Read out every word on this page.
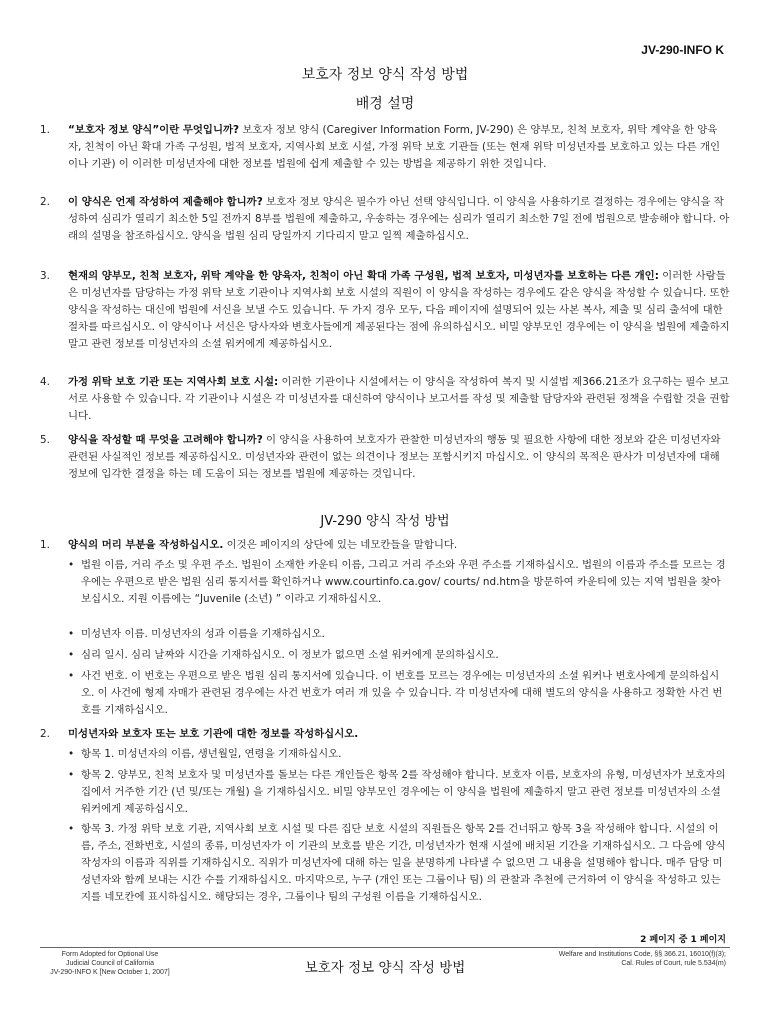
JV-290-INFO K
보호자 정보 양식 작성 방법
배경 설명
1.	“보호자 정보 양식”이란 무엇입니까? 보호자 정보 양식 (Caregiver Information Form, JV-290) 은 양부모, 친척 보호자, 위탁 계약을 한 양육자, 친척이 아닌 확대 가족 구성원, 법적 보호자, 지역사회 보호 시설, 가정 위탁 보호 기관들 (또는 현재 위탁 미성년자를 보호하고 있는 다른 개인이나 기관) 이 이러한 미성년자에 대한 정보를 법원에 쉽게 제출할 수 있는 방법을 제공하기 위한 것입니다.
2.	이 양식은 언제 작성하여 제출해야 합니까? 보호자 정보 양식은 필수가 아닌 선택 양식입니다. 이 양식을 사용하기로 결정하는 경우에는 양식을 작성하여 심리가 열리기 최소한 5일 전까지 8부를 법원에 제출하고, 우송하는 경우에는 심리가 열리기 최소한 7일 전에 법원으로 발송해야 합니다. 아래의 설명을 참조하십시오. 양식을 법원 심리 당일까지 기다리지 말고 일찍 제출하십시오.
3.	현재의 양부모, 친척 보호자, 위탁 계약을 한 양육자, 친척이 아닌 확대 가족 구성원, 법적 보호자, 미성년자를 보호하는 다른 개인: 이러한 사람들은 미성년자를 담당하는 가정 위탁 보호 기관이나 지역사회 보호 시설의 직원이 이 양식을 작성하는 경우에도 같은 양식을 작성할 수 있습니다. 또한 양식을 작성하는 대신에 법원에 서신을 보낼 수도 있습니다. 두 가지 경우 모두, 다음 페이지에 설명되어 있는 사본 복사, 제출 및 심리 출석에 대한 절차를 따르십시오. 이 양식이나 서신은 당사자와 변호사들에게 제공된다는 점에 유의하십시오. 비밀 양부모인 경우에는 이 양식을 법원에 제출하지 말고 관련 정보를 미성년자의 소셜 워커에게 제공하십시오.
4.	가정 위탁 보호 기관 또는 지역사회 보호 시설: 이러한 기관이나 시설에서는 이 양식을 작성하여 복지 및 시설법 제366.21조가 요구하는 필수 보고서로 사용할 수 있습니다. 각 기관이나 시설은 각 미성년자를 대신하여 양식이나 보고서를 작성 및 제출할 담당자와 관련된 정책을 수립할 것을 권합니다.
5.	양식을 작성할 때 무엇을 고려해야 합니까? 이 양식을 사용하여 보호자가 관찰한 미성년자의 행동 및 필요한 사항에 대한 정보와 같은 미성년자와 관련된 사실적인 정보를 제공하십시오. 미성년자와 관련이 없는 의견이나 정보는 포함시키지 마십시오. 이 양식의 목적은 판사가 미성년자에 대해 정보에 입각한 결정을 하는 데 도움이 되는 정보를 법원에 제공하는 것입니다.
JV-290 양식 작성 방법
1.	양식의 머리 부분을 작성하십시오. 이것은 페이지의 상단에 있는 네모칸들을 말합니다.
• 법원 이름, 거리 주소 및 우편 주소. 법원이 소재한 카운티 이름, 그리고 거리 주소와 우편 주소를 기재하십시오. 법원의 이름과 주소를 모르는 경우에는 우편으로 받은 법원 심리 통지서를 확인하거나 www.courtinfo.ca.gov/ courts/ nd.htm을 방문하여 카운티에 있는 지역 법원을 찾아보십시오. 지원 이름에는 “Juvenile (소년) ” 이라고 기재하십시오.
• 미성년자 이름. 미성년자의 성과 이름을 기재하십시오.
• 심리 일시. 심리 날짜와 시간을 기재하십시오. 이 정보가 없으면 소셜 워커에게 문의하십시오.
• 사건 번호. 이 번호는 우편으로 받은 법원 심리 통지서에 있습니다. 이 번호를 모르는 경우에는 미성년자의 소셜 워커나 변호사에게 문의하십시오. 이 사건에 형제 자매가 관련된 경우에는 사건 번호가 여러 개 있을 수 있습니다. 각 미성년자에 대해 별도의 양식을 사용하고 정확한 사건 번호를 기재하십시오.
2.	미성년자와 보호자 또는 보호 기관에 대한 정보를 작성하십시오.
• 항목 1. 미성년자의 이름, 생년월일, 연령을 기재하십시오.
• 항목 2. 양부모, 친척 보호자 및 미성년자를 돌보는 다른 개인들은 항목 2를 작성해야 합니다. 보호자 이름, 보호자의 유형, 미성년자가 보호자의 집에서 거주한 기간 (년 및/또는 개월) 을 기재하십시오. 비밀 양부모인 경우에는 이 양식을 법원에 제출하지 말고 관련 정보를 미성년자의 소셜 워커에게 제공하십시오.
• 항목 3. 가정 위탁 보호 기관, 지역사회 보호 시설 및 다른 집단 보호 시설의 직원들은 항목 2를 건너뛰고 항목 3을 작성해야 합니다. 시설의 이름, 주소, 전화번호, 시설의 종류, 미성년자가 이 기관의 보호를 받은 기간, 미성년자가 현재 시설에 배치된 기간을 기재하십시오. 그 다음에 양식 작성자의 이름과 직위를 기재하십시오. 직위가 미성년자에 대해 하는 일을 분명하게 나타낼 수 없으면 그 내용을 설명해야 합니다. 매주 담당 미성년자와 함께 보내는 시간 수를 기재하십시오. 마지막으로, 누구 (개인 또는 그룹이나 팀) 의 관찰과 추천에 근거하여 이 양식을 작성하고 있는지를 네모칸에 표시하십시오. 해당되는 경우, 그룹이나 팀의 구성원 이름을 기재하십시오.
2 페이지 중 1 페이지
Form Adopted for Optional Use
Judicial Council of California
JV-290-INFO K [New October 1, 2007]	보호자 정보 양식 작성 방법
Welfare and Institutions Code, §§ 366.21, 16010(f)(3);
Cal. Rules of Court, rule 5.534(m)
